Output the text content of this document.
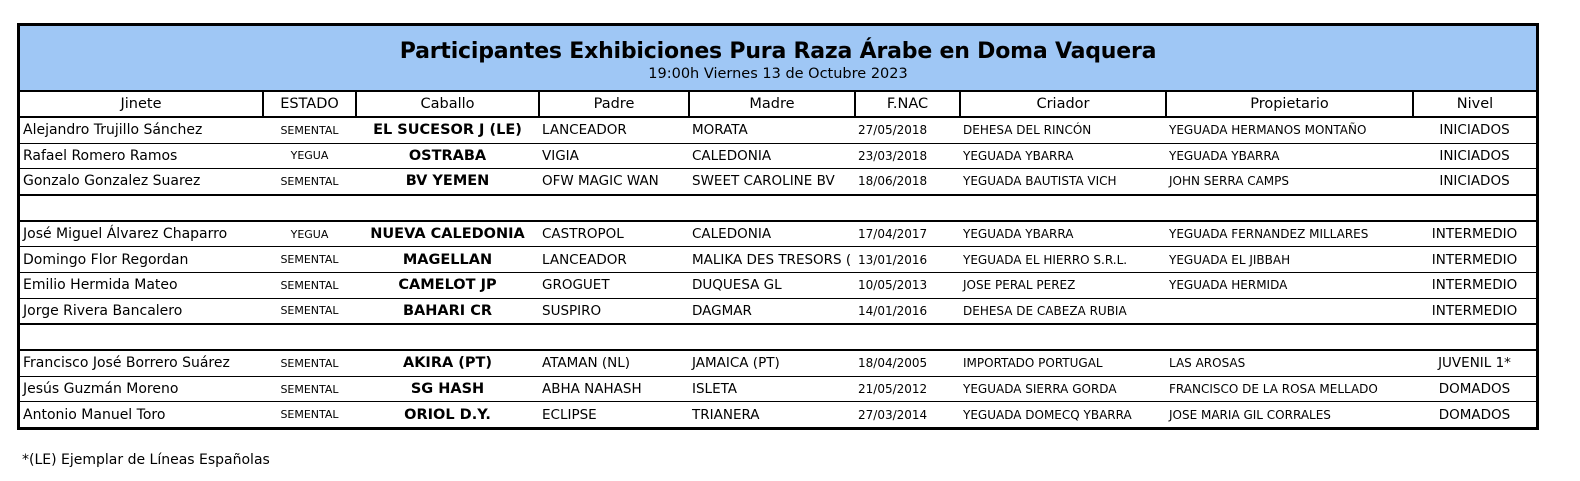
Participantes Exhibiciones Pura Raza Árabe en Doma Vaquera
19:00h Viernes 13 de Octubre 2023
Jinete	ESTADO	Caballo	Padre	Madre	F.NAC	Criador	Propietario	Nivel
Alejandro Trujillo Sánchez	SEMENTAL	EL SUCESOR J (LE)	LANCEADOR	MORATA	27/05/2018	DEHESA DEL RINCÓN	YEGUADA HERMANOS MONTAÑO	INICIADOS
Rafael Romero Ramos	YEGUA	OSTRABA	VIGIA	CALEDONIA	23/03/2018	YEGUADA YBARRA	YEGUADA YBARRA	INICIADOS
Gonzalo Gonzalez Suarez	SEMENTAL	BV YEMEN	OFW MAGIC WAN	SWEET CAROLINE BV	18/06/2018	YEGUADA BAUTISTA VICH	JOHN SERRA CAMPS	INICIADOS

José Miguel Álvarez Chaparro	YEGUA	NUEVA CALEDONIA	CASTROPOL	CALEDONIA	17/04/2017	YEGUADA YBARRA	YEGUADA FERNANDEZ MILLARES	INTERMEDIO
Domingo Flor Regordan	SEMENTAL	MAGELLAN	LANCEADOR	MALIKA DES TRESORS (	13/01/2016	YEGUADA EL HIERRO S.R.L.	YEGUADA EL JIBBAH	INTERMEDIO
Emilio Hermida Mateo	SEMENTAL	CAMELOT JP	GROGUET	DUQUESA GL	10/05/2013	JOSE PERAL PEREZ	YEGUADA HERMIDA	INTERMEDIO
Jorge Rivera Bancalero	SEMENTAL	BAHARI CR	SUSPIRO	DAGMAR	14/01/2016	DEHESA DE CABEZA RUBIA		INTERMEDIO

Francisco José Borrero Suárez	SEMENTAL	AKIRA (PT)	ATAMAN (NL)	JAMAICA (PT)	18/04/2005	IMPORTADO PORTUGAL	LAS AROSAS	JUVENIL 1*
Jesús Guzmán Moreno	SEMENTAL	SG HASH	ABHA NAHASH	ISLETA	21/05/2012	YEGUADA SIERRA GORDA	FRANCISCO DE LA ROSA MELLADO	DOMADOS
Antonio Manuel Toro	SEMENTAL	ORIOL D.Y.	ECLIPSE	TRIANERA	27/03/2014	YEGUADA DOMECQ YBARRA	JOSE MARIA GIL CORRALES	DOMADOS
*(LE) Ejemplar de Líneas Españolas
